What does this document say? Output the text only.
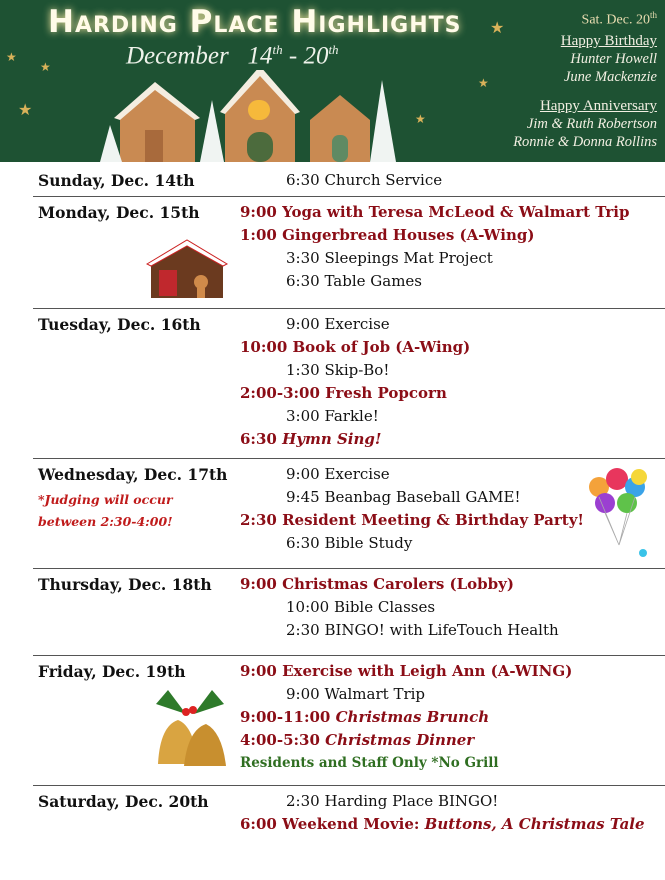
★
★
★
★
★
★
Harding Place Highlights
December 14th - 20th
Sat. Dec. 20th
Happy Birthday
Hunter Howell
June Mackenzie
Happy Anniversary
Jim & Ruth Robertson
Ronnie & Donna Rollins
Sunday, Dec. 14th	6:30 Church Service
Monday, Dec. 15th	9:00 Yoga with Teresa McLeod & Walmart Trip
1:00 Gingerbread Houses (A-Wing)
3:30 Sleepings Mat Project
6:30 Table Games
Tuesday, Dec. 16th	9:00 Exercise
10:00 Book of Job (A-Wing)
1:30 Skip-Bo!
2:00-3:00 Fresh Popcorn
3:00 Farkle!
6:30 Hymn Sing!
Wednesday, Dec. 17th
*Judging will occur
between 2:30-4:00!
9:00 Exercise
9:45 Beanbag Baseball GAME!
2:30 Resident Meeting & Birthday Party!
6:30 Bible Study
Thursday, Dec. 18th	9:00 Christmas Carolers (Lobby)
10:00 Bible Classes
2:30 BINGO! with LifeTouch Health
Friday, Dec. 19th	9:00 Exercise with Leigh Ann (A-WING)
9:00 Walmart Trip
9:00-11:00 Christmas Brunch
4:00-5:30 Christmas Dinner
Residents and Staff Only *No Grill
Saturday, Dec. 20th	2:30 Harding Place BINGO!
6:00 Weekend Movie: Buttons, A Christmas Tale
